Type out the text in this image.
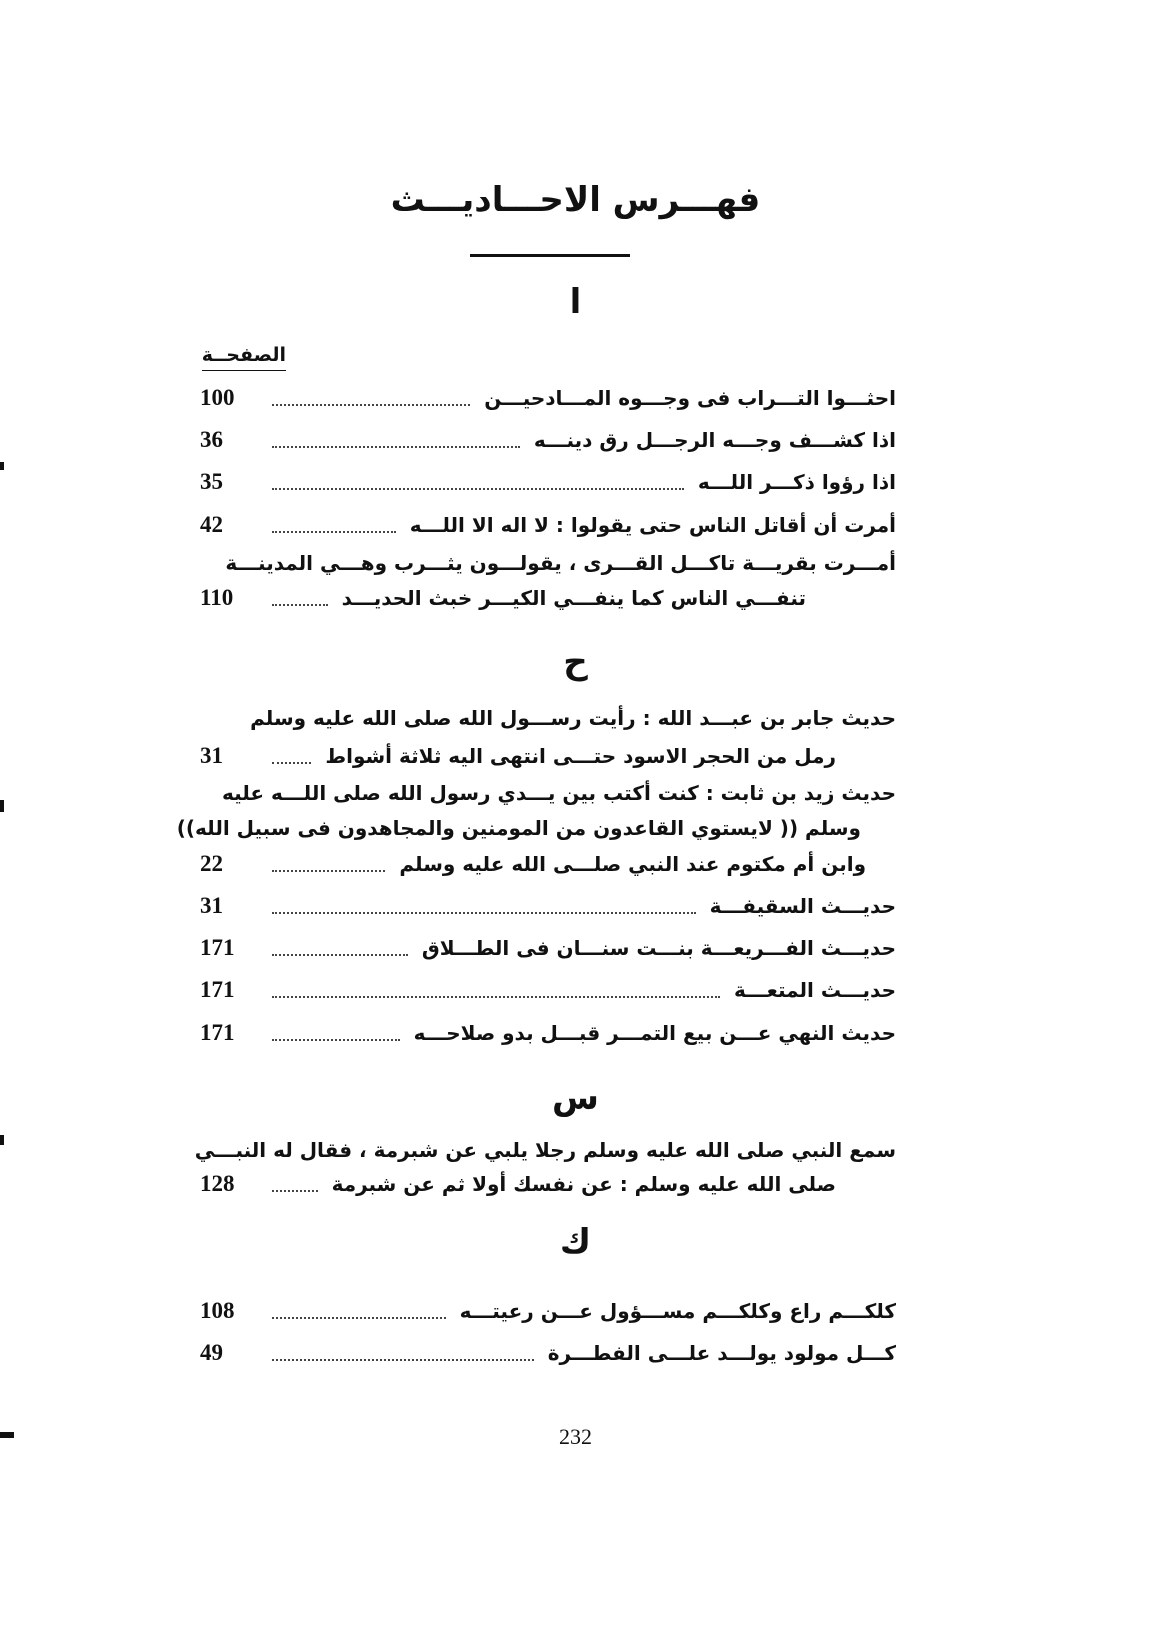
فهـــرس الاحـــاديـــث
ا
الصفحــة
100	احثـــوا التـــراب فى وجـــوه المـــادحيـــن
36	اذا كشـــف وجـــه الرجـــل رق دينـــه
35	اذا رؤوا ذكـــر اللـــه
42	أمرت أن أقاتل الناس حتى يقولوا : لا اله الا اللـــه
أمـــرت بقريـــة تاكـــل القـــرى ، يقولـــون يثـــرب وهـــي المدينـــة
110	تنفـــي الناس كما ينفـــي الكيـــر خبث الحديـــد
ح
حديث جابر بن عبـــد الله : رأيت رســـول الله صلى الله عليه وسلم
31	رمل من الحجر الاسود حتـــى انتهى اليه ثلاثة أشواط
حديث زيد بن ثابت : كنت أكتب بين يـــدي رسول الله صلى اللـــه عليه
وسلم (( لايستوي القاعدون من المومنين والمجاهدون فى سبيل الله))
22	وابن أم مكتوم عند النبي صلـــى الله عليه وسلم
31	حديـــث السقيفـــة
171	حديـــث الفـــريعـــة بنـــت سنـــان فى الطـــلاق
171	حديـــث المتعـــة
171	حديث النهي عـــن بيع التمـــر قبـــل بدو صلاحـــه
س
سمع النبي صلى الله عليه وسلم رجلا يلبي عن شبرمة ، فقال له النبـــي
128	صلى الله عليه وسلم : عن نفسك أولا ثم عن شبرمة
ك
108	كلكـــم راع وكلكـــم مســـؤول عـــن رعيتـــه
49	كـــل مولود يولـــد علـــى الفطـــرة
232
